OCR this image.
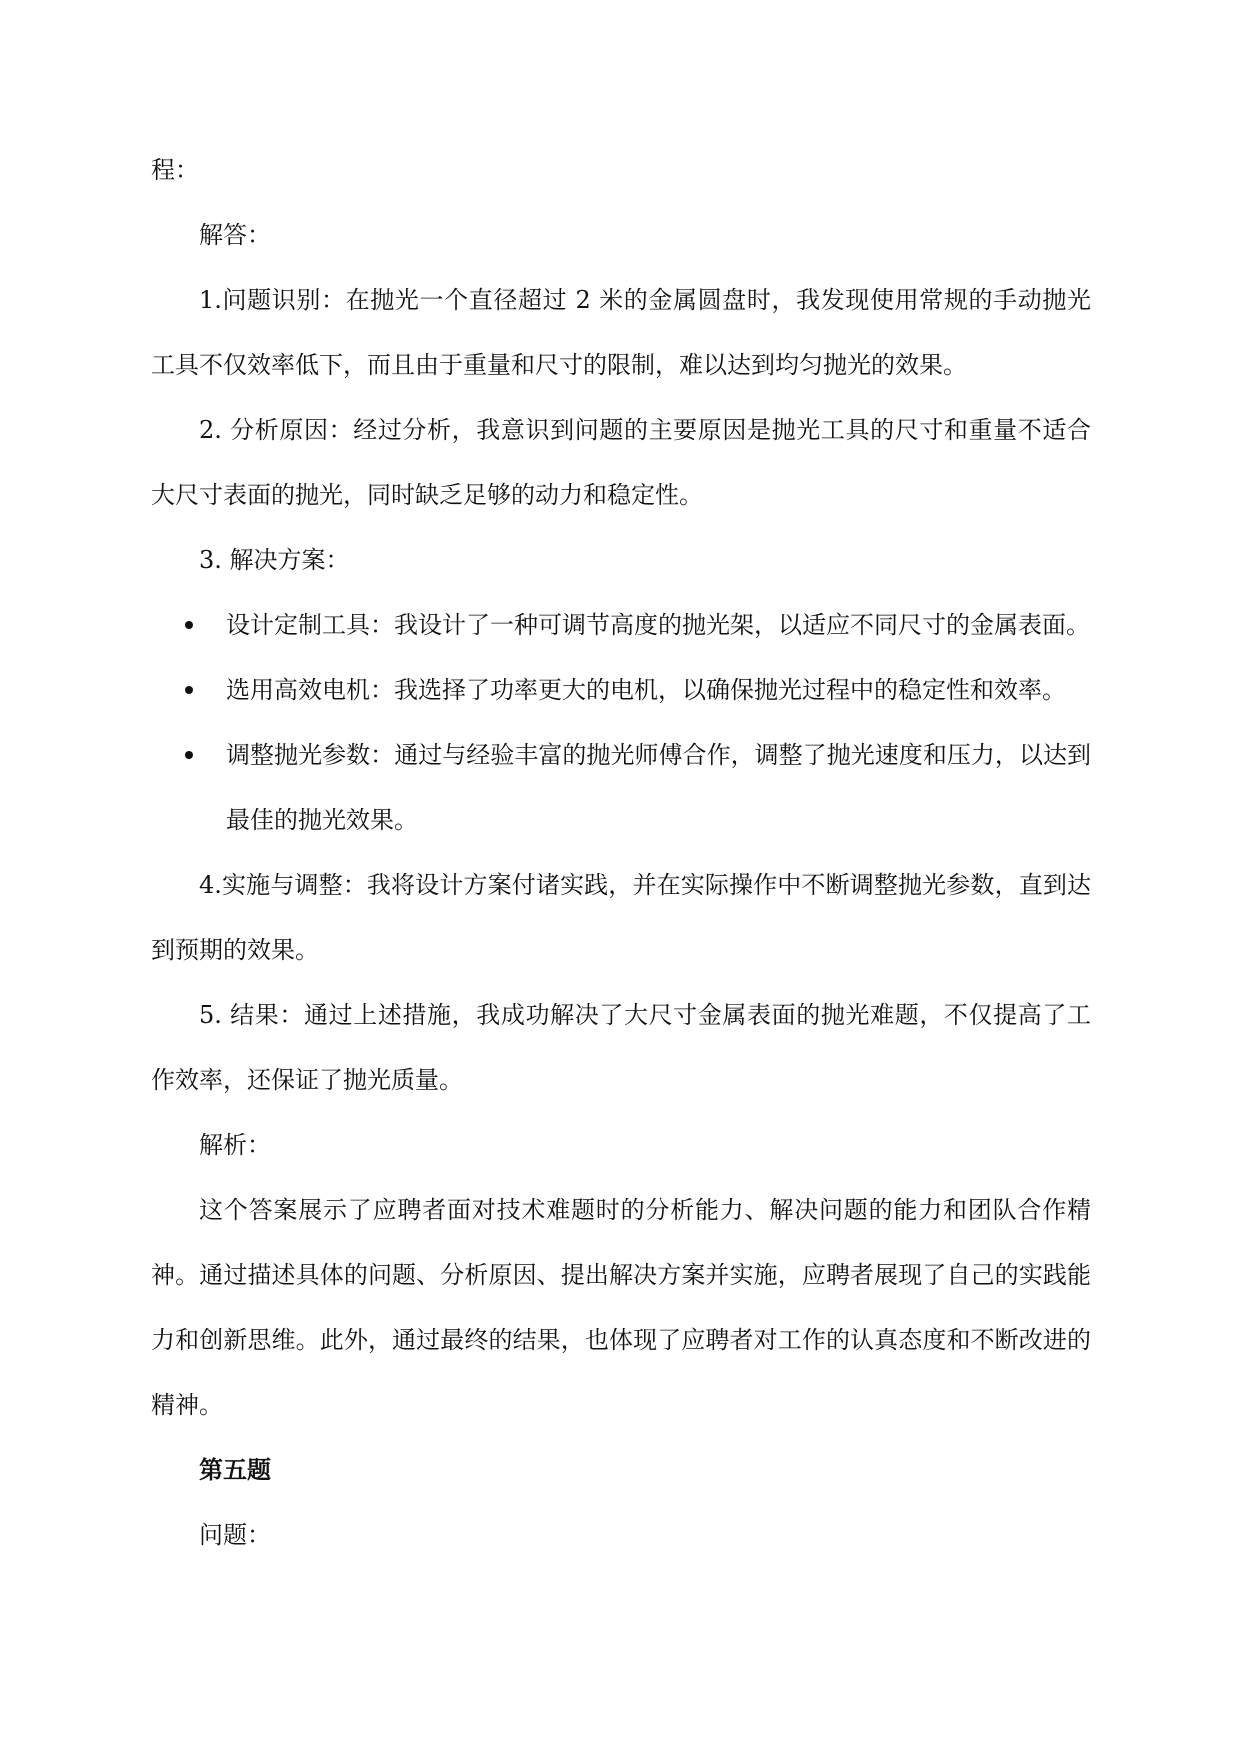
程：

解答：

1.问题识别：在抛光一个直径超过 2 米的金属圆盘时，我发现使用常规的手动抛光工具不仅效率低下，而且由于重量和尺寸的限制，难以达到均匀抛光的效果。

2. 分析原因：经过分析，我意识到问题的主要原因是抛光工具的尺寸和重量不适合大尺寸表面的抛光，同时缺乏足够的动力和稳定性。

3. 解决方案：

设计定制工具：我设计了一种可调节高度的抛光架，以适应不同尺寸的金属表面。
选用高效电机：我选择了功率更大的电机，以确保抛光过程中的稳定性和效率。
调整抛光参数：通过与经验丰富的抛光师傅合作，调整了抛光速度和压力，以达到最佳的抛光效果。

4.实施与调整：我将设计方案付诸实践，并在实际操作中不断调整抛光参数，直到达到预期的效果。

5. 结果：通过上述措施，我成功解决了大尺寸金属表面的抛光难题，不仅提高了工作效率，还保证了抛光质量。

解析：

这个答案展示了应聘者面对技术难题时的分析能力、解决问题的能力和团队合作精神。通过描述具体的问题、分析原因、提出解决方案并实施，应聘者展现了自己的实践能力和创新思维。此外，通过最终的结果，也体现了应聘者对工作的认真态度和不断改进的精神。

第五题

问题：
